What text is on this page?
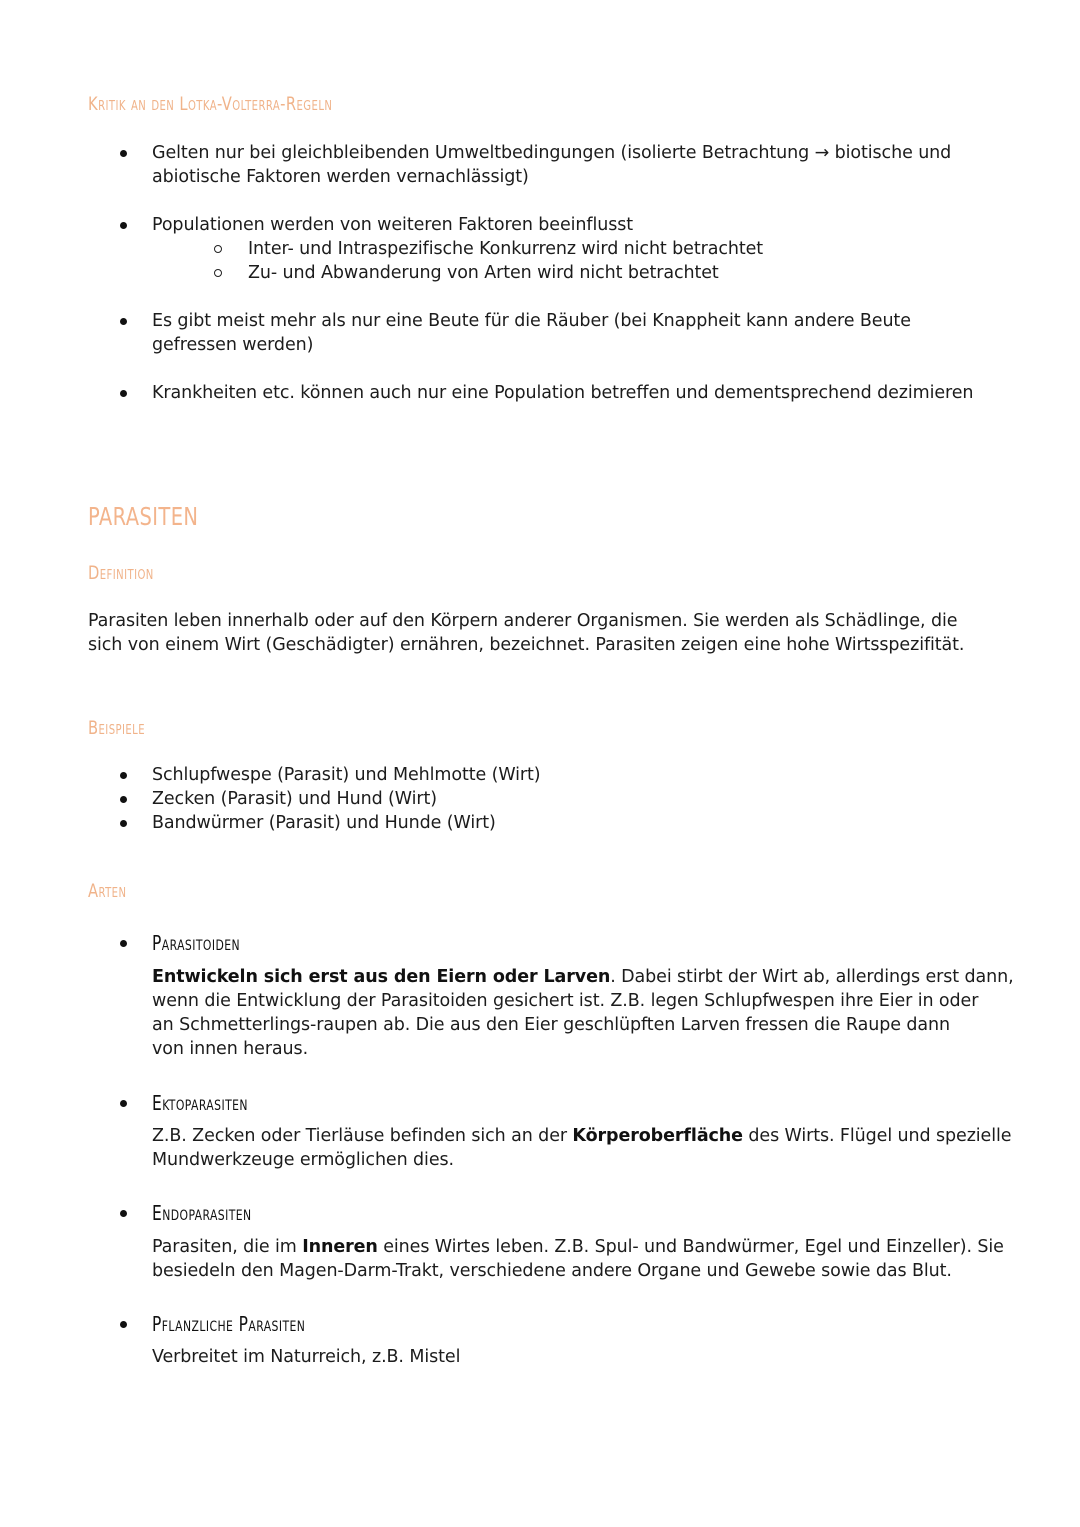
Kritik an den Lotka-Volterra-Regeln
Gelten nur bei gleichbleibenden Umweltbedingungen (isolierte Betrachtung → biotische und
abiotische Faktoren werden vernachlässigt)
Populationen werden von weiteren Faktoren beeinflusst
Inter- und Intraspezifische Konkurrenz wird nicht betrachtet
Zu- und Abwanderung von Arten wird nicht betrachtet
Es gibt meist mehr als nur eine Beute für die Räuber (bei Knappheit kann andere Beute
gefressen werden)
Krankheiten etc. können auch nur eine Population betreffen und dementsprechend dezimieren
PARASITEN
Definition
Parasiten leben innerhalb oder auf den Körpern anderer Organismen. Sie werden als Schädlinge, die
sich von einem Wirt (Geschädigter) ernähren, bezeichnet. Parasiten zeigen eine hohe Wirtsspezifität.
Beispiele
Schlupfwespe (Parasit) und Mehlmotte (Wirt)
Zecken (Parasit) und Hund (Wirt)
Bandwürmer (Parasit) und Hunde (Wirt)
Arten
Parasitoiden
Entwickeln sich erst aus den Eiern oder Larven. Dabei stirbt der Wirt ab, allerdings erst dann,
wenn die Entwicklung der Parasitoiden gesichert ist. Z.B. legen Schlupfwespen ihre Eier in oder
an Schmetterlings-raupen ab. Die aus den Eier geschlüpften Larven fressen die Raupe dann
von innen heraus.
Ektoparasiten
Z.B. Zecken oder Tierläuse befinden sich an der Körperoberfläche des Wirts. Flügel und spezielle
Mundwerkzeuge ermöglichen dies.
Endoparasiten
Parasiten, die im Inneren eines Wirtes leben. Z.B. Spul- und Bandwürmer, Egel und Einzeller). Sie
besiedeln den Magen-Darm-Trakt, verschiedene andere Organe und Gewebe sowie das Blut.
Pflanzliche Parasiten
Verbreitet im Naturreich, z.B. Mistel
